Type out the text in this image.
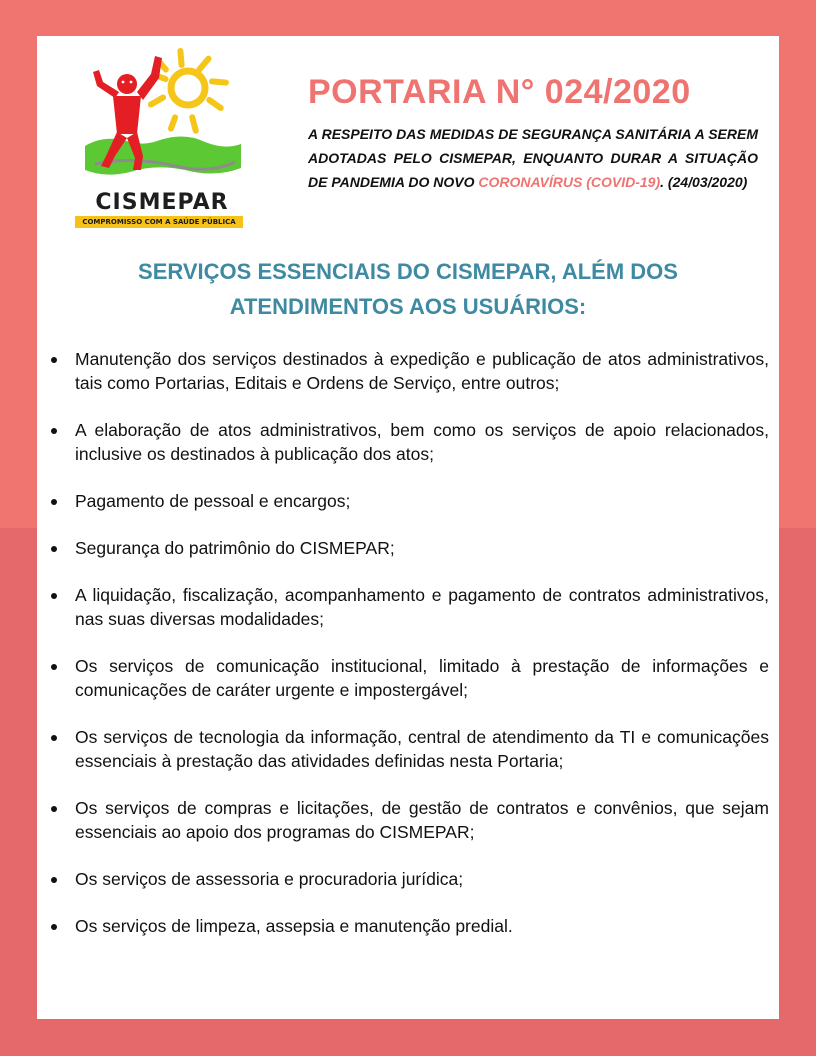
CISMEPAR
COMPROMISSO COM A SAÚDE PÚBLICA
PORTARIA N° 024/2020

A RESPEITO DAS MEDIDAS DE SEGURANÇA SANITÁRIA A SEREM ADOTADAS PELO CISMEPAR, ENQUANTO DURAR A SITUAÇÃO DE PANDEMIA DO NOVO CORONAVÍRUS (COVID-19). (24/03/2020)

SERVIÇOS ESSENCIAIS DO CISMEPAR, ALÉM DOS ATENDIMENTOS AOS USUÁRIOS:
Manutenção dos serviços destinados à expedição e publicação de atos administrativos, tais como Portarias, Editais e Ordens de Serviço, entre outros;
A elaboração de atos administrativos, bem como os serviços de apoio relacionados, inclusive os destinados à publicação dos atos;
Pagamento de pessoal e encargos;
Segurança do patrimônio do CISMEPAR;
A liquidação, fiscalização, acompanhamento e pagamento de contratos administrativos, nas suas diversas modalidades;
Os serviços de comunicação institucional, limitado à prestação de informações e comunicações de caráter urgente e impostergável;
Os serviços de tecnologia da informação, central de atendimento da TI e comunicações essenciais à prestação das atividades definidas nesta Portaria;
Os serviços de compras e licitações, de gestão de contratos e convênios, que sejam essenciais ao apoio dos programas do CISMEPAR;
Os serviços de assessoria e procuradoria jurídica;
Os serviços de limpeza, assepsia e manutenção predial.
